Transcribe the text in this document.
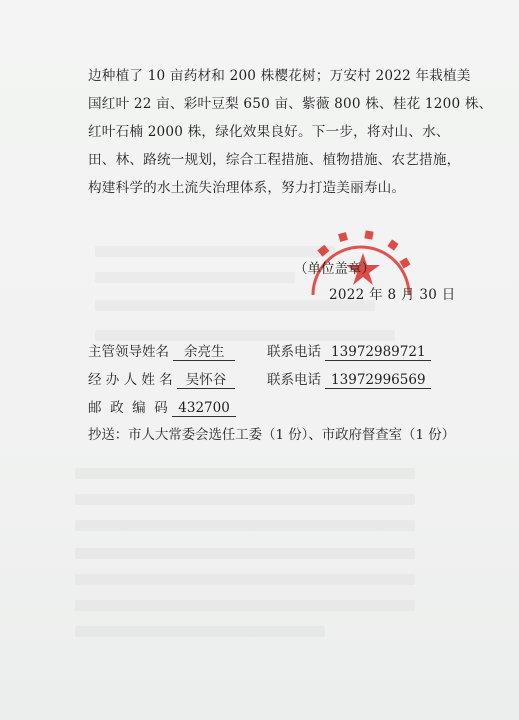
边种植了 10 亩药材和 200 株樱花树；万安村 2022 年栽植美
国红叶 22 亩、彩叶豆梨 650 亩、紫薇 800 株、桂花 1200 株、
红叶石楠 2000 株，绿化效果良好。下一步，将对山、水、
田、林、路统一规划，综合工程措施、植物措施、农艺措施，
构建科学的水土流失治理体系，努力打造美丽寿山。
（单位盖章）
2022 年 8 月 30 日
主管领导姓名 余亮生	联系电话 13972989721
经 办 人 姓 名 吴怀谷	联系电话 13972996569
邮  政  编  码 432700
抄送：市人大常委会选任工委（1 份）、市政府督查室（1 份）
